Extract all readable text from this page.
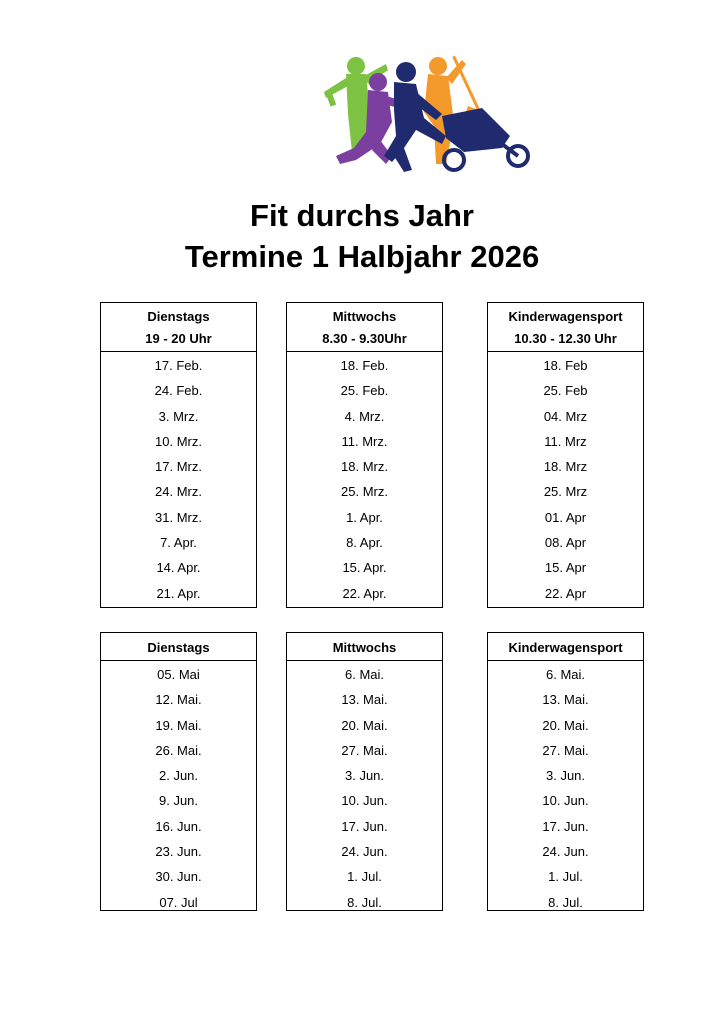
Fit durchs Jahr
Termine 1 Halbjahr 2026
Dienstags
19 - 20 Uhr
17. Feb.
24. Feb.
3. Mrz.
10. Mrz.
17. Mrz.
24. Mrz.
31. Mrz.
7. Apr.
14. Apr.
21. Apr.
Mittwochs
8.30 - 9.30Uhr
18. Feb.
25. Feb.
4. Mrz.
11. Mrz.
18. Mrz.
25. Mrz.
1. Apr.
8. Apr.
15. Apr.
22. Apr.
Kinderwagensport
10.30 - 12.30 Uhr
18. Feb
25. Feb
04. Mrz
11. Mrz
18. Mrz
25. Mrz
01. Apr
08. Apr
15. Apr
22. Apr
Dienstags
05. Mai
12. Mai.
19. Mai.
26. Mai.
2. Jun.
9. Jun.
16. Jun.
23. Jun.
30. Jun.
07. Jul
Mittwochs
6. Mai.
13. Mai.
20. Mai.
27. Mai.
3. Jun.
10. Jun.
17. Jun.
24. Jun.
1. Jul.
8. Jul.
Kinderwagensport
6. Mai.
13. Mai.
20. Mai.
27. Mai.
3. Jun.
10. Jun.
17. Jun.
24. Jun.
1. Jul.
8. Jul.
